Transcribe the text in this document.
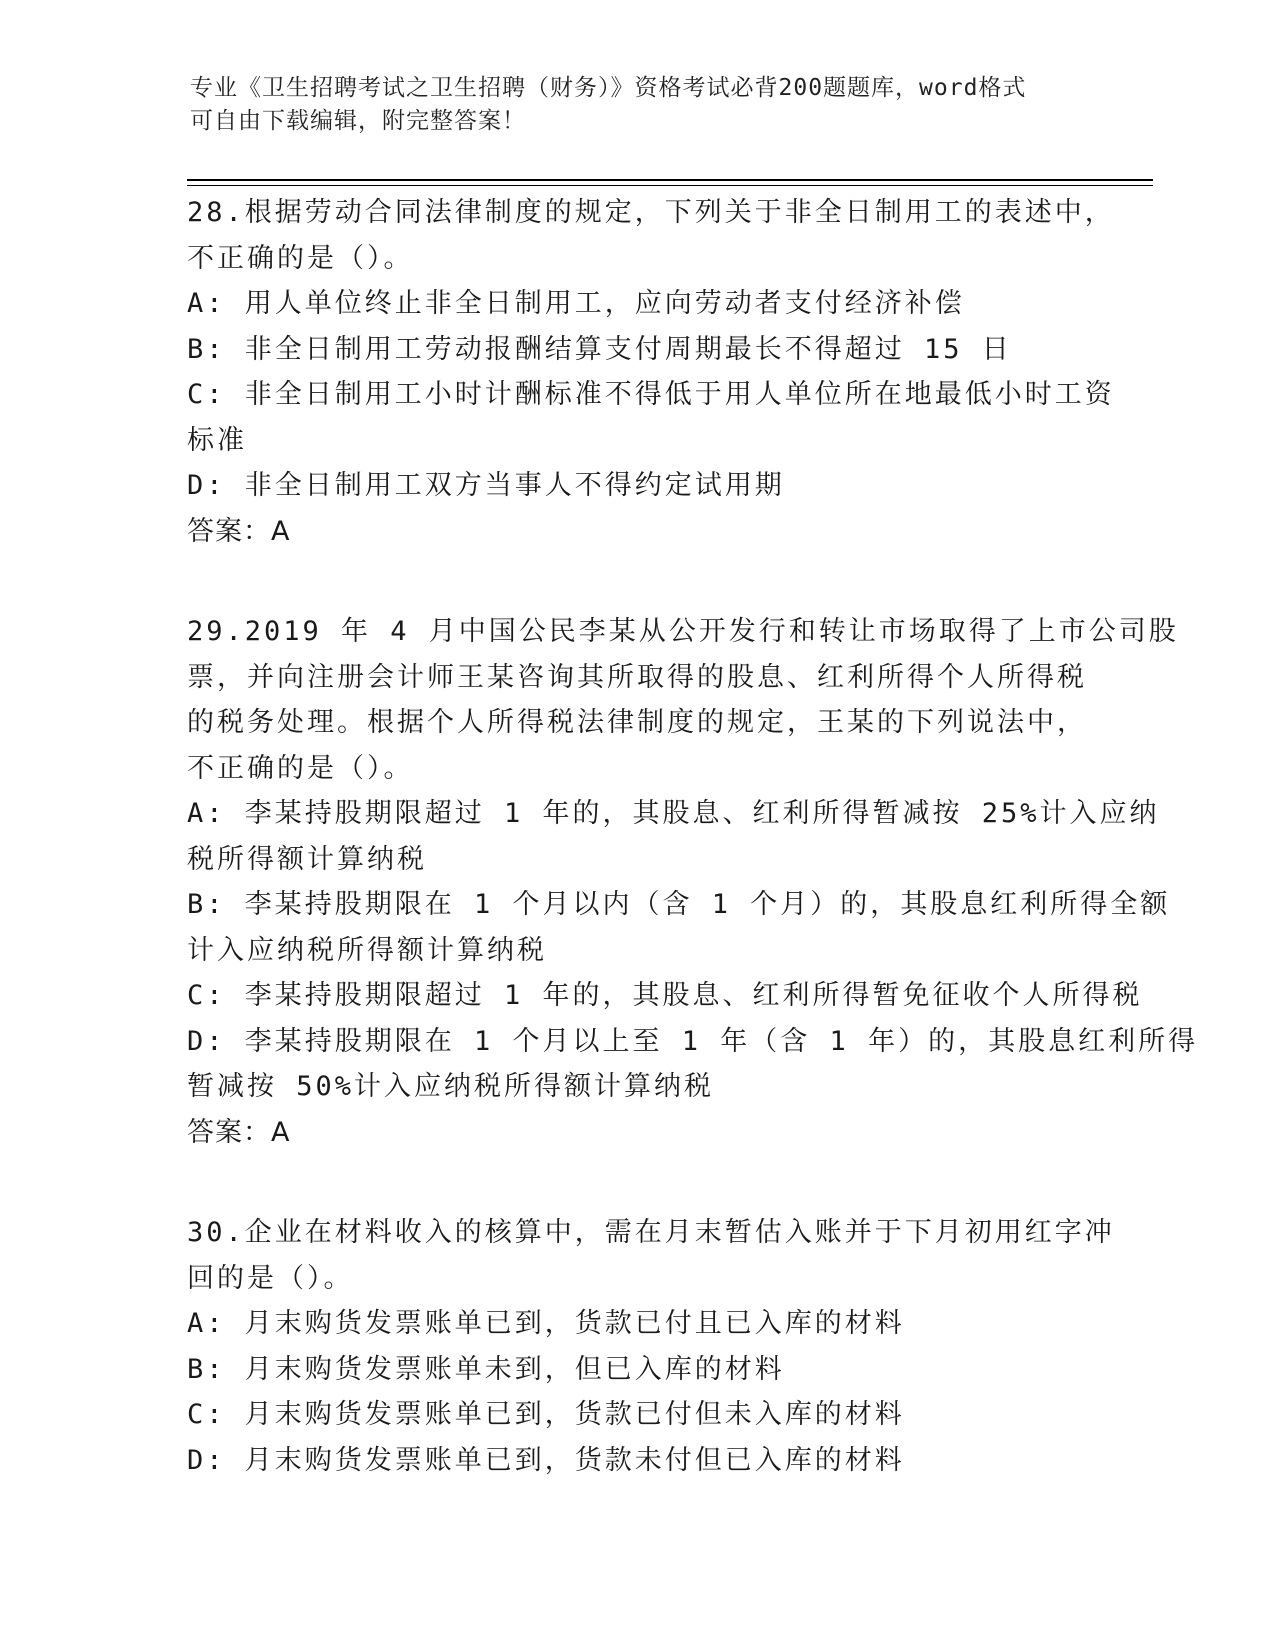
专业《卫生招聘考试之卫生招聘（财务）》资格考试必背200题题库，word格式
可自由下载编辑，附完整答案！
28.根据劳动合同法律制度的规定，下列关于非全日制用工的表述中，
不正确的是（）。
A: 用人单位终止非全日制用工，应向劳动者支付经济补偿
B: 非全日制用工劳动报酬结算支付周期最长不得超过 15 日
C: 非全日制用工小时计酬标准不得低于用人单位所在地最低小时工资
标准
D: 非全日制用工双方当事人不得约定试用期
答案：A
29.2019 年 4 月中国公民李某从公开发行和转让市场取得了上市公司股
票，并向注册会计师王某咨询其所取得的股息、红利所得个人所得税
的税务处理。根据个人所得税法律制度的规定，王某的下列说法中，
不正确的是（）。
A: 李某持股期限超过 1 年的，其股息、红利所得暂减按 25%计入应纳
税所得额计算纳税
B: 李某持股期限在 1 个月以内（含 1 个月）的，其股息红利所得全额
计入应纳税所得额计算纳税
C: 李某持股期限超过 1 年的，其股息、红利所得暂免征收个人所得税
D: 李某持股期限在 1 个月以上至 1 年（含 1 年）的，其股息红利所得
暂减按 50%计入应纳税所得额计算纳税
答案：A
30.企业在材料收入的核算中，需在月末暂估入账并于下月初用红字冲
回的是（）。
A: 月末购货发票账单已到，货款已付且已入库的材料
B: 月末购货发票账单未到，但已入库的材料
C: 月末购货发票账单已到，货款已付但未入库的材料
D: 月末购货发票账单已到，货款未付但已入库的材料
